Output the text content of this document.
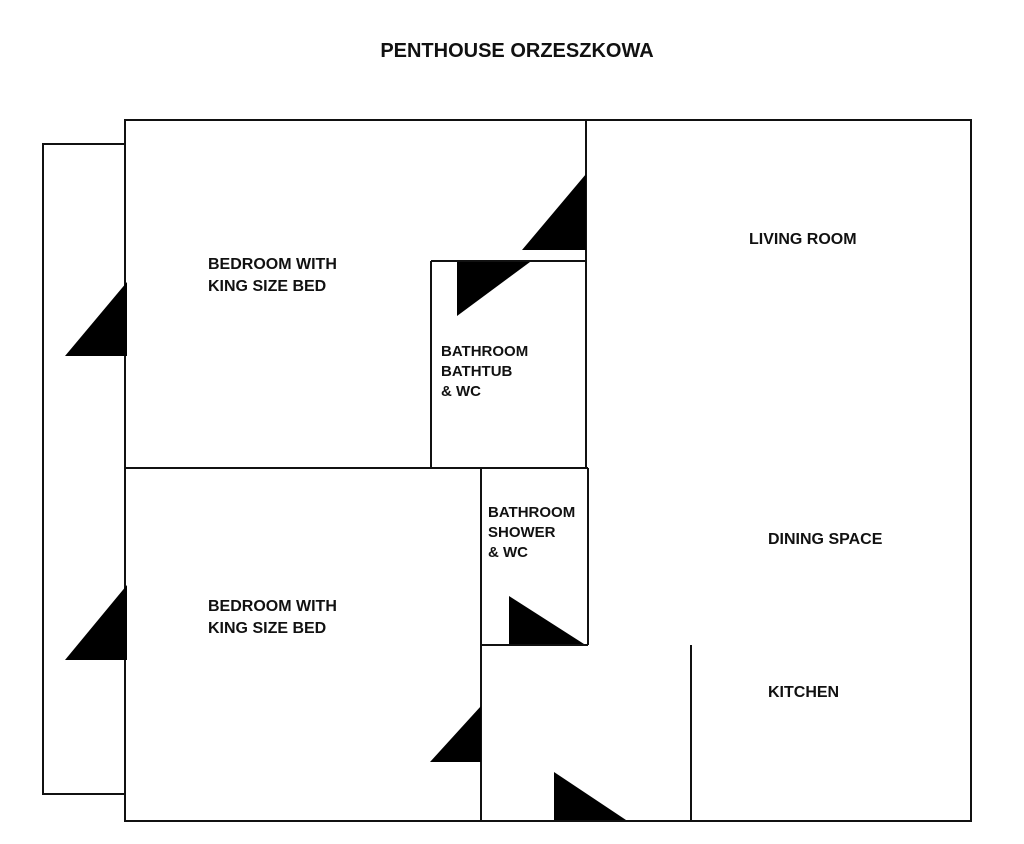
PENTHOUSE ORZESZKOWA
BEDROOM WITH KING SIZE BED
BATHROOM BATHTUB & WC
BATHROOM SHOWER & WC
BEDROOM WITH KING SIZE BED
LIVING ROOM
DINING SPACE
KITCHEN
